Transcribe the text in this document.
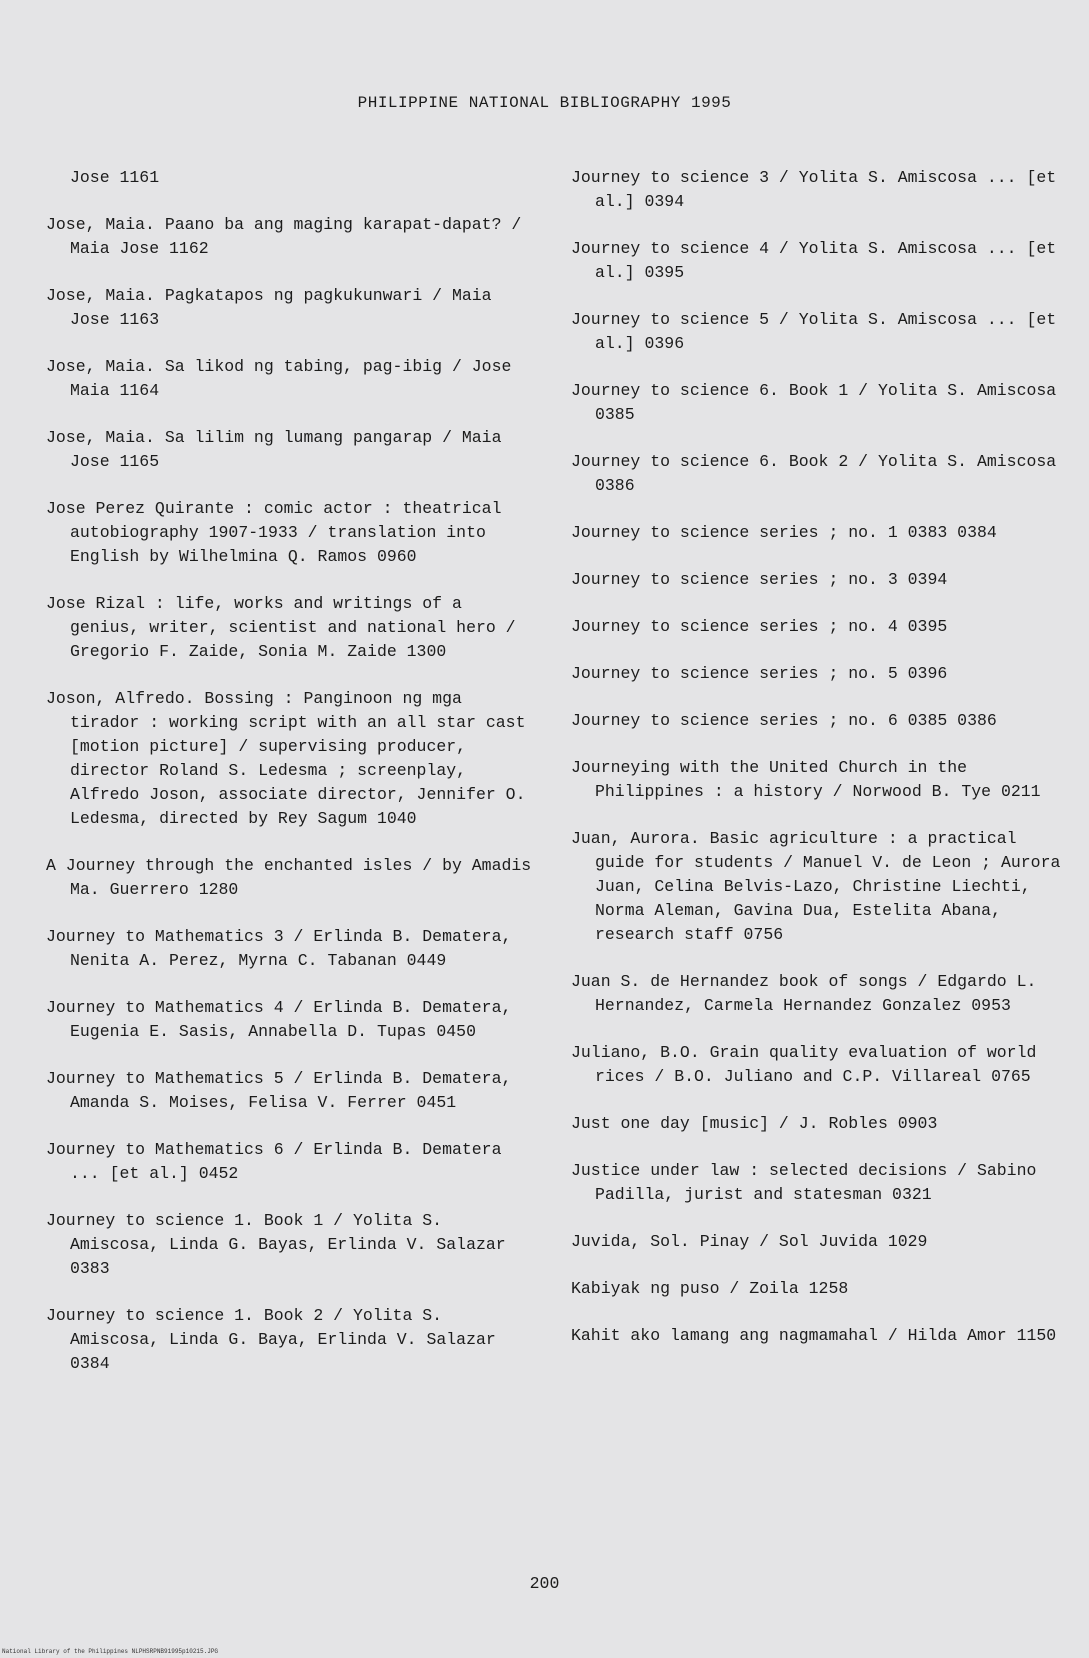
PHILIPPINE NATIONAL BIBLIOGRAPHY 1995
Jose 1161
Jose, Maia. Paano ba ang maging karapat-dapat? / Maia Jose 1162
Jose, Maia. Pagkatapos ng pagkukunwari / Maia Jose 1163
Jose, Maia. Sa likod ng tabing, pag-ibig / Jose Maia 1164
Jose, Maia. Sa lilim ng lumang pangarap / Maia Jose 1165
Jose Perez Quirante : comic actor : theatrical autobiography 1907-1933 / translation into English by Wilhelmina Q. Ramos 0960
Jose Rizal : life, works and writings of a genius, writer, scientist and national hero / Gregorio F. Zaide, Sonia M. Zaide 1300
Joson, Alfredo. Bossing : Panginoon ng mga tirador : working script with an all star cast [motion picture] / supervising producer, director Roland S. Ledesma ; screenplay, Alfredo Joson, associate director, Jennifer O. Ledesma, directed by Rey Sagum 1040
A Journey through the enchanted isles / by Amadis Ma. Guerrero 1280
Journey to Mathematics 3 / Erlinda B. Dematera, Nenita A. Perez, Myrna C. Tabanan 0449
Journey to Mathematics 4 / Erlinda B. Dematera, Eugenia E. Sasis, Annabella D. Tupas 0450
Journey to Mathematics 5 / Erlinda B. Dematera, Amanda S. Moises, Felisa V. Ferrer 0451
Journey to Mathematics 6 / Erlinda B. Dematera ... [et al.] 0452
Journey to science 1. Book 1 / Yolita S. Amiscosa, Linda G. Bayas, Erlinda V. Salazar 0383
Journey to science 1. Book 2 / Yolita S. Amiscosa, Linda G. Baya, Erlinda V. Salazar 0384
Journey to science 3 / Yolita S. Amiscosa ... [et al.] 0394
Journey to science 4 / Yolita S. Amiscosa ... [et al.] 0395
Journey to science 5 / Yolita S. Amiscosa ... [et al.] 0396
Journey to science 6. Book 1 / Yolita S. Amiscosa 0385
Journey to science 6. Book 2 / Yolita S. Amiscosa 0386
Journey to science series ; no. 1 0383 0384
Journey to science series ; no. 3 0394
Journey to science series ; no. 4 0395
Journey to science series ; no. 5 0396
Journey to science series ; no. 6 0385 0386
Journeying with the United Church in the Philippines : a history / Norwood B. Tye 0211
Juan, Aurora. Basic agriculture : a practical guide for students / Manuel V. de Leon ; Aurora Juan, Celina Belvis-Lazo, Christine Liechti, Norma Aleman, Gavina Dua, Estelita Abana, research staff 0756
Juan S. de Hernandez book of songs / Edgardo L. Hernandez, Carmela Hernandez Gonzalez 0953
Juliano, B.O. Grain quality evaluation of world rices / B.O. Juliano and C.P. Villareal 0765
Just one day [music] / J. Robles 0903
Justice under law : selected decisions / Sabino Padilla, jurist and statesman 0321
Juvida, Sol. Pinay / Sol Juvida 1029
Kabiyak ng puso / Zoila 1258
Kahit ako lamang ang nagmamahal / Hilda Amor 1150
200
National Library of the Philippines NLPHSRPNB91995p10215.JPG
